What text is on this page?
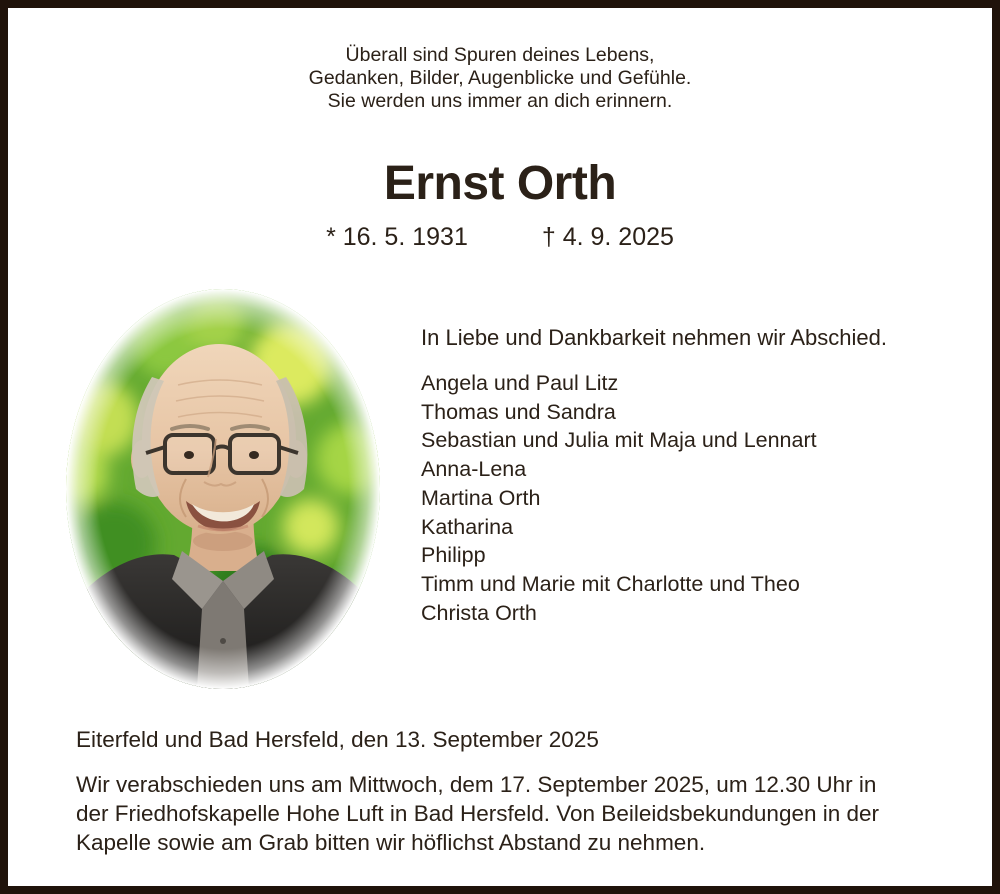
Überall sind Spuren deines Lebens,
Gedanken, Bilder, Augenblicke und Gefühle.
Sie werden uns immer an dich erinnern.
Ernst Orth
* 16. 5. 1931	† 4. 9. 2025

In Liebe und Dankbarkeit nehmen wir Abschied.

Angela und Paul Litz
Thomas und Sandra
Sebastian und Julia mit Maja und Lennart
Anna-Lena
Martina Orth
Katharina
Philipp
Timm und Marie mit Charlotte und Theo
Christa Orth

Eiterfeld und Bad Hersfeld, den 13. September 2025

Wir verabschieden uns am Mittwoch, dem 17. September 2025, um 12.30 Uhr in
der Friedhofskapelle Hohe Luft in Bad Hersfeld. Von Beileidsbekundungen in der
Kapelle sowie am Grab bitten wir höflichst Abstand zu nehmen.
